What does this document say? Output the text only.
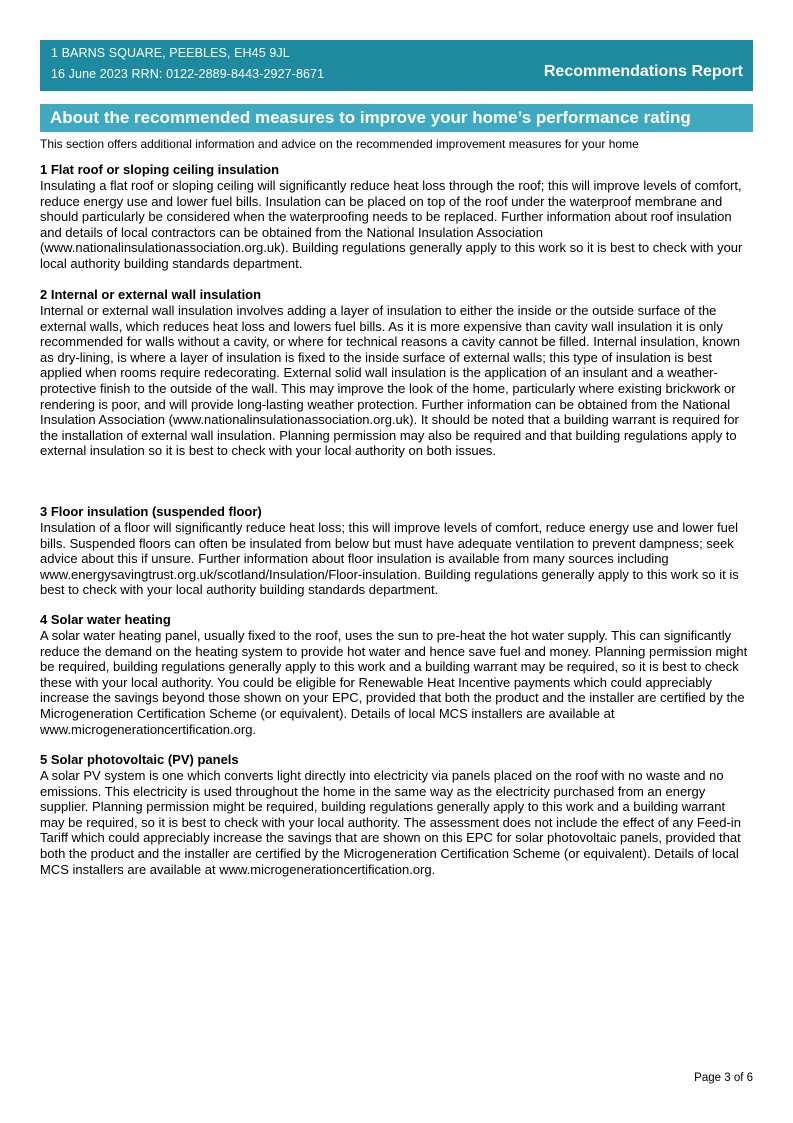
1 BARNS SQUARE, PEEBLES, EH45 9JL
16 June 2023 RRN: 0122-2889-8443-2927-8671	Recommendations Report
About the recommended measures to improve your home’s performance rating
This section offers additional information and advice on the recommended improvement measures for your home
1 Flat roof or sloping ceiling insulation

Insulating a flat roof or sloping ceiling will significantly reduce heat loss through the roof; this will improve levels of comfort, reduce energy use and lower fuel bills. Insulation can be placed on top of the roof under the waterproof membrane and should particularly be considered when the waterproofing needs to be replaced. Further information about roof insulation and details of local contractors can be obtained from the National Insulation Association (www.nationalinsulationassociation.org.uk). Building regulations generally apply to this work so it is best to check with your local authority building standards department.

2 Internal or external wall insulation

Internal or external wall insulation involves adding a layer of insulation to either the inside or the outside surface of the external walls, which reduces heat loss and lowers fuel bills. As it is more expensive than cavity wall insulation it is only recommended for walls without a cavity, or where for technical reasons a cavity cannot be filled. Internal insulation, known as dry-lining, is where a layer of insulation is fixed to the inside surface of external walls; this type of insulation is best applied when rooms require redecorating. External solid wall insulation is the application of an insulant and a weather-protective finish to the outside of the wall. This may improve the look of the home, particularly where existing brickwork or rendering is poor, and will provide long-lasting weather protection. Further information can be obtained from the National Insulation Association (www.nationalinsulationassociation.org.uk). It should be noted that a building warrant is required for the installation of external wall insulation. Planning permission may also be required and that building regulations apply to external insulation so it is best to check with your local authority on both issues.

3 Floor insulation (suspended floor)

Insulation of a floor will significantly reduce heat loss; this will improve levels of comfort, reduce energy use and lower fuel bills. Suspended floors can often be insulated from below but must have adequate ventilation to prevent dampness; seek advice about this if unsure. Further information about floor insulation is available from many sources including www.energysavingtrust.org.uk/scotland/Insulation/Floor-insulation. Building regulations generally apply to this work so it is best to check with your local authority building standards department.

4 Solar water heating

A solar water heating panel, usually fixed to the roof, uses the sun to pre-heat the hot water supply. This can significantly reduce the demand on the heating system to provide hot water and hence save fuel and money. Planning permission might be required, building regulations generally apply to this work and a building warrant may be required, so it is best to check these with your local authority. You could be eligible for Renewable Heat Incentive payments which could appreciably increase the savings beyond those shown on your EPC, provided that both the product and the installer are certified by the Microgeneration Certification Scheme (or equivalent). Details of local MCS installers are available at www.microgenerationcertification.org.

5 Solar photovoltaic (PV) panels

A solar PV system is one which converts light directly into electricity via panels placed on the roof with no waste and no emissions. This electricity is used throughout the home in the same way as the electricity purchased from an energy supplier. Planning permission might be required, building regulations generally apply to this work and a building warrant may be required, so it is best to check with your local authority. The assessment does not include the effect of any Feed-in Tariff which could appreciably increase the savings that are shown on this EPC for solar photovoltaic panels, provided that both the product and the installer are certified by the Microgeneration Certification Scheme (or equivalent). Details of local MCS installers are available at www.microgenerationcertification.org.

Page 3 of 6
